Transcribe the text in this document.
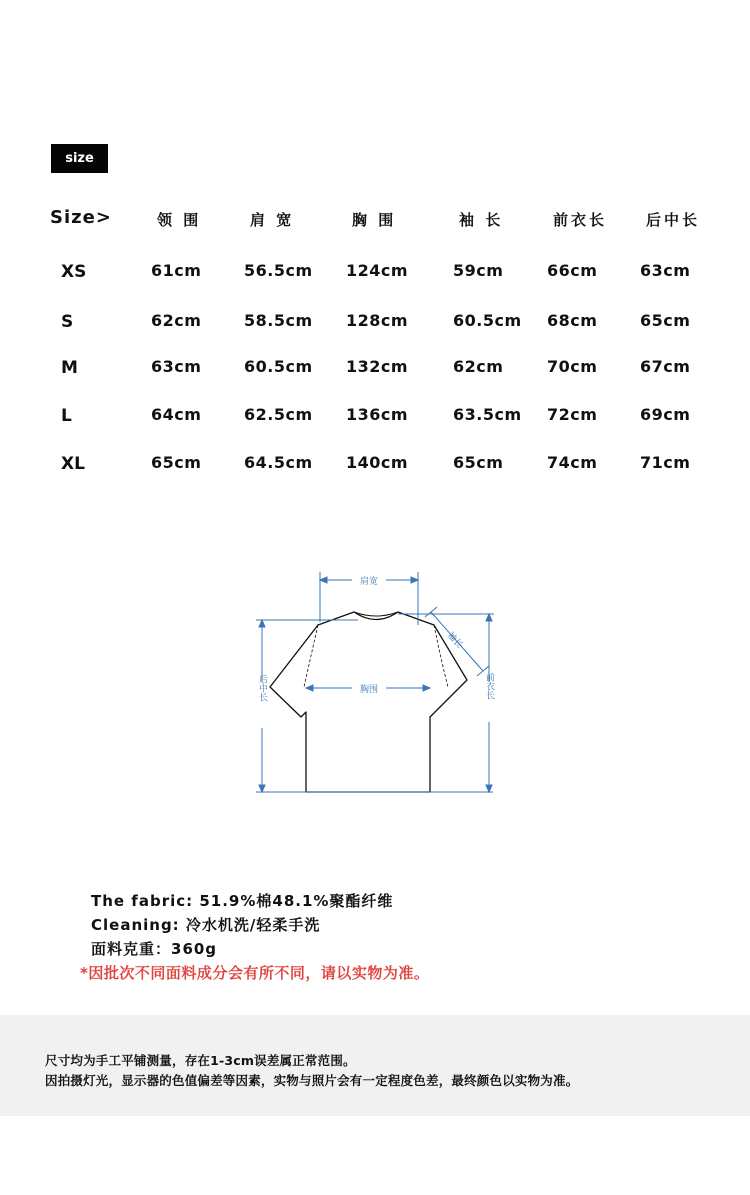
size
Size>	领 围	肩 宽	胸 围	袖 长	前衣长	后中长
XS	61cm	56.5cm 124cm	59cm	66cm	63cm
S	62cm	58.5cm 128cm	60.5cm 68cm	65cm
M	63cm	60.5cm 132cm	62cm	70cm	67cm
L	64cm	62.5cm 136cm	63.5cm 72cm	69cm
XL	65cm	64.5cm 140cm	65cm	74cm	71cm
肩宽
胸围
后中长	前衣长
袖长
The fabric: 51.9%棉48.1%聚酯纤维
Cleaning: 冷水机洗/轻柔手洗
面料克重：360g
*因批次不同面料成分会有所不同，请以实物为准。
尺寸均为手工平铺测量，存在1-3cm误差属正常范围。
因拍摄灯光，显示器的色值偏差等因素，实物与照片会有一定程度色差，最终颜色以实物为准。
